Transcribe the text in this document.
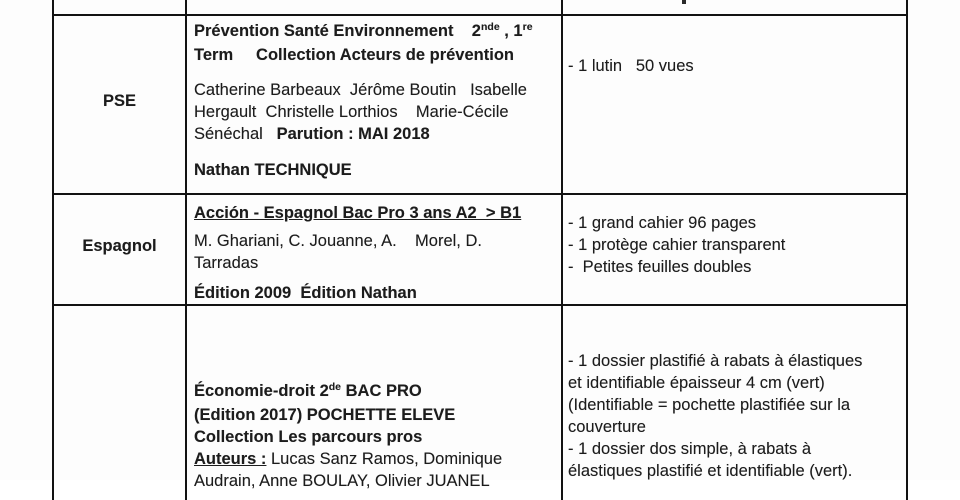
PSE
Prévention Santé Environnement    2nde , 1re
Term     Collection Acteurs de prévention
Catherine Barbeaux  Jérôme Boutin   Isabelle
Hergault  Christelle Lorthios    Marie-Cécile
Sénéchal   Parution : MAI 2018
Nathan TECHNIQUE
- 1 lutin   50 vues
Espagnol
Acción - Espagnol Bac Pro 3 ans A2  > B1
M. Ghariani, C. Jouanne, A.    Morel, D.
Tarradas
Édition 2009  Édition Nathan
- 1 grand cahier 96 pages
- 1 protège cahier transparent
-  Petites feuilles doubles
Économie-droit 2de BAC PRO
(Edition 2017) POCHETTE ELEVE
Collection Les parcours pros
Auteurs : Lucas Sanz Ramos, Dominique
Audrain, Anne BOULAY, Olivier JUANEL
- 1 dossier plastifié à rabats à élastiques
et identifiable épaisseur 4 cm (vert)
(Identifiable = pochette plastifiée sur la
couverture
- 1 dossier dos simple, à rabats à
élastiques plastifié et identifiable (vert).
